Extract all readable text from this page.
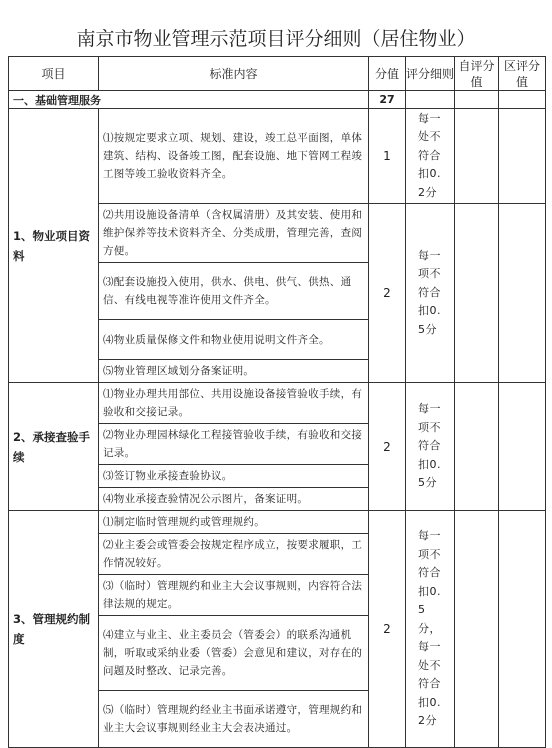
南京市物业管理示范项目评分细则（居住物业）
项目	标准内容	分值	评分细则	自评分值	区评分值
一、基础管理服务		27			
1、物业项目资料	⑴按规定要求立项、规划、建设，竣工总平面图，单体建筑、结构、设备竣工图，配套设施、地下管网工程竣工图等竣工验收资料齐全。	1	每一处不符合扣0.2分		
	⑵共用设施设备清单（含权属清册）及其安装、使用和维护保养等技术资料齐全、分类成册，管理完善，查阅方便。	2	每一项不符合扣0.5分		
	⑶配套设施投入使用，供水、供电、供气、供热、通信、有线电视等准许使用文件齐全。				
	⑷物业质量保修文件和物业使用说明文件齐全。				
	⑸物业管理区域划分备案证明。				
2、承接查验手续	⑴物业办理共用部位、共用设施设备接管验收手续，有验收和交接记录。	2	每一项不符合扣0.5分		
	⑵物业办理园林绿化工程接管验收手续，有验收和交接记录。				
	⑶签订物业承接查验协议。				
	⑷物业承接查验情况公示图片，备案证明。				
3、管理规约制度	⑴制定临时管理规约或管理规约。	2	每一项不符合扣0.5分，每一处不符合扣0.2分		
	⑵业主委会或管委会按规定程序成立，按要求履职，工作情况较好。				
	⑶（临时）管理规约和业主大会议事规则，内容符合法律法规的规定。				
	⑷建立与业主、业主委员会（管委会）的联系沟通机制，听取或采纳业委（管委）会意见和建议，对存在的问题及时整改、记录完善。				
	⑸（临时）管理规约经业主书面承诺遵守，管理规约和业主大会议事规则经业主大会表决通过。				
